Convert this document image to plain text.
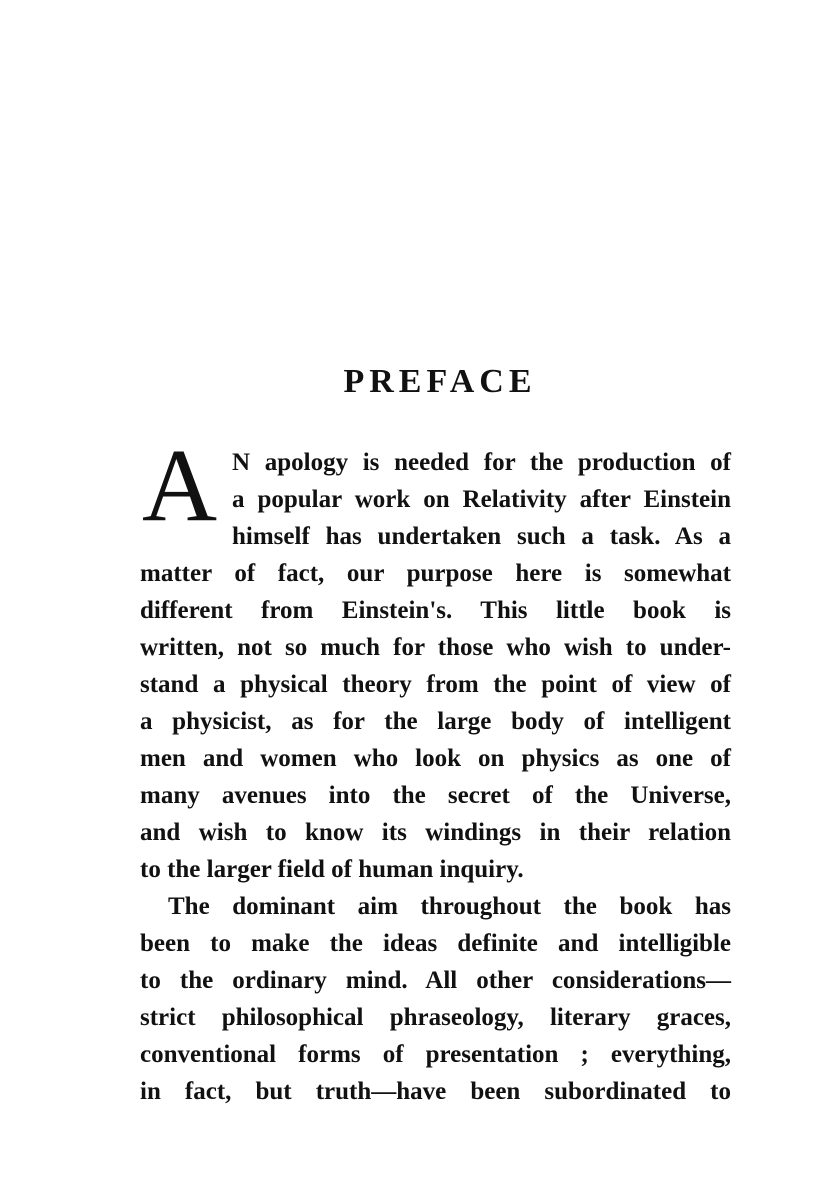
PREFACE
A N apology is needed for the production of
a popular work on Relativity after Einstein
himself has undertaken such a task. As a
matter of fact, our purpose here is somewhat
different from Einstein's. This little book is
written, not so much for those who wish to under-
stand a physical theory from the point of view of
a physicist, as for the large body of intelligent
men and women who look on physics as one of
many avenues into the secret of the Universe,
and wish to know its windings in their relation
to the larger field of human inquiry.
The dominant aim throughout the book has
been to make the ideas definite and intelligible
to the ordinary mind. All other considerations—
strict philosophical phraseology, literary graces,
conventional forms of presentation ; everything,
in fact, but truth—have been subordinated to
